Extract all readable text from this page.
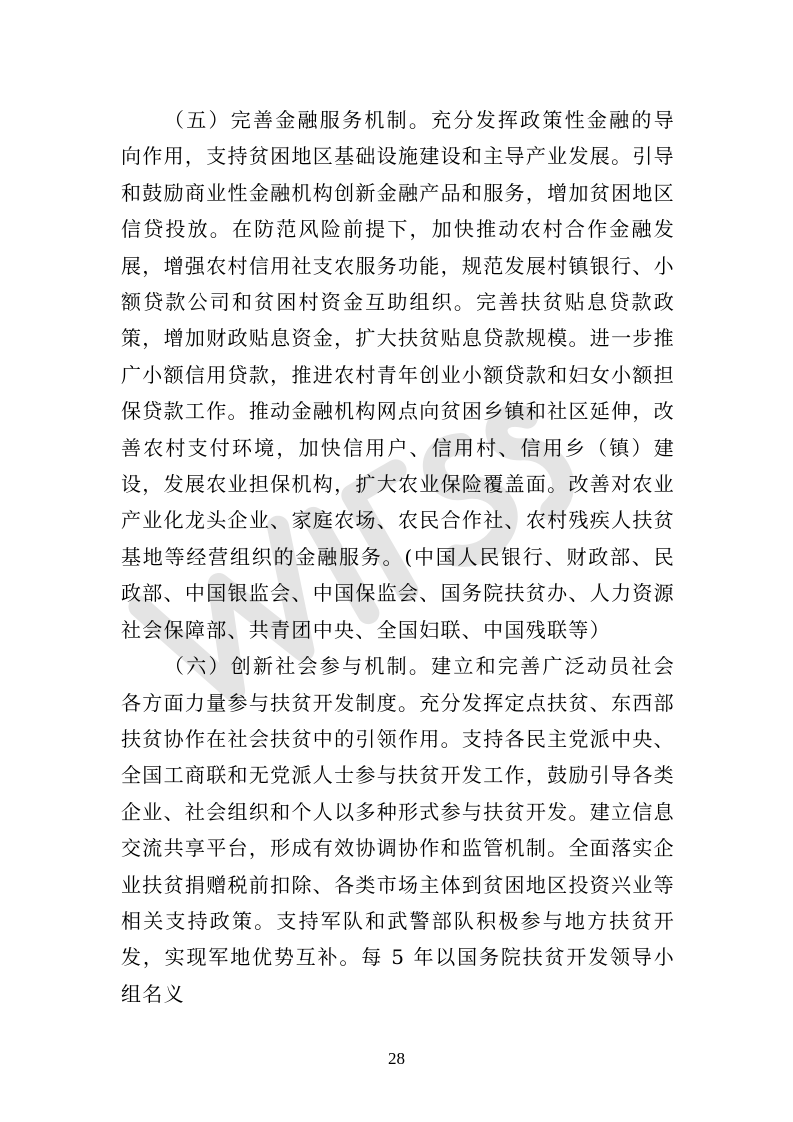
（五）完善金融服务机制。充分发挥政策性金融的导向作用，支持贫困地区基础设施建设和主导产业发展。引导和鼓励商业性金融机构创新金融产品和服务，增加贫困地区信贷投放。在防范风险前提下，加快推动农村合作金融发展，增强农村信用社支农服务功能，规范发展村镇银行、小额贷款公司和贫困村资金互助组织。完善扶贫贴息贷款政策，增加财政贴息资金，扩大扶贫贴息贷款规模。进一步推广小额信用贷款，推进农村青年创业小额贷款和妇女小额担保贷款工作。推动金融机构网点向贫困乡镇和社区延伸，改善农村支付环境，加快信用户、信用村、信用乡（镇）建设，发展农业担保机构，扩大农业保险覆盖面。改善对农业产业化龙头企业、家庭农场、农民合作社、农村残疾人扶贫基地等经营组织的金融服务。(中国人民银行、财政部、民政部、中国银监会、中国保监会、国务院扶贫办、人力资源社会保障部、共青团中央、全国妇联、中国残联等）

（六）创新社会参与机制。建立和完善广泛动员社会各方面力量参与扶贫开发制度。充分发挥定点扶贫、东西部扶贫协作在社会扶贫中的引领作用。支持各民主党派中央、全国工商联和无党派人士参与扶贫开发工作，鼓励引导各类企业、社会组织和个人以多种形式参与扶贫开发。建立信息交流共享平台，形成有效协调协作和监管机制。全面落实企业扶贫捐赠税前扣除、各类市场主体到贫困地区投资兴业等相关支持政策。支持军队和武警部队积极参与地方扶贫开发，实现军地优势互补。每 5 年以国务院扶贫开发领导小组名义

28
